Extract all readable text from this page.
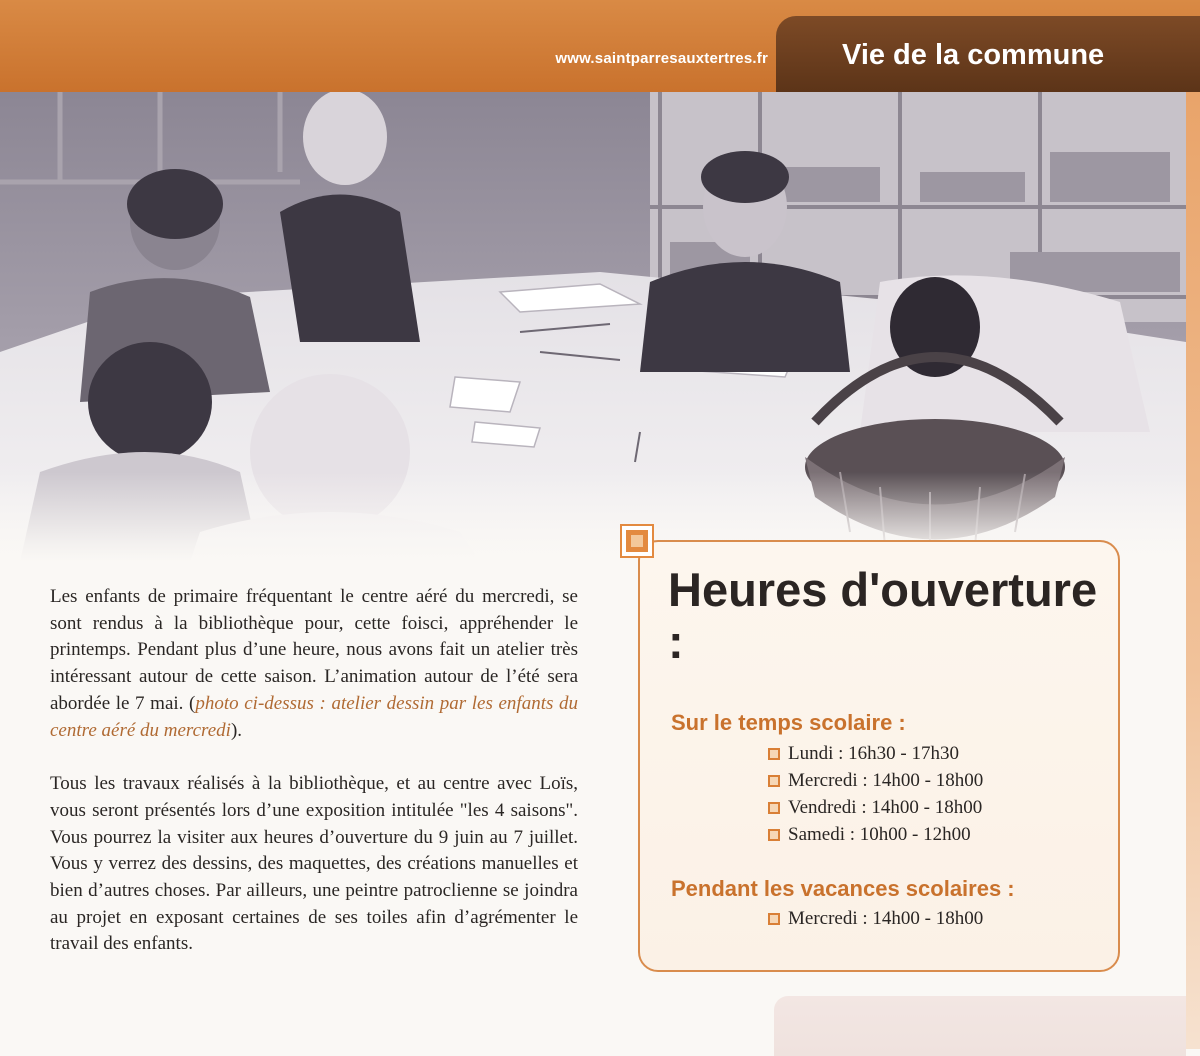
www.saintparresauxtertres.fr	Vie de la commune

Les enfants de primaire fréquentant le centre aéré du mercredi, se sont rendus à la bibliothèque pour, cette foisci, appréhender le printemps. Pendant plus d’une heure, nous avons fait un atelier très intéressant autour de cette saison. L’animation autour de l’été sera abordée le 7 mai. (photo ci-dessus : atelier dessin par les enfants du centre aéré du mercredi).

Tous les travaux réalisés à la bibliothèque, et au centre avec Loïs, vous seront présentés lors d’une exposition intitulée "les 4 saisons". Vous pourrez la visiter aux heures d’ouverture du 9 juin au 7 juillet. Vous y verrez des dessins, des maquettes, des créations manuelles et bien d’autres choses. Par ailleurs, une peintre patroclienne se joindra au projet en exposant certaines de ses toiles afin d’agrémenter le travail des enfants.

Heures d'ouverture :
Sur le temps scolaire :
Lundi : 16h30 - 17h30
Mercredi : 14h00 - 18h00
Vendredi : 14h00 - 18h00
Samedi : 10h00 - 12h00
Pendant les vacances scolaires :
Mercredi : 14h00 - 18h00
